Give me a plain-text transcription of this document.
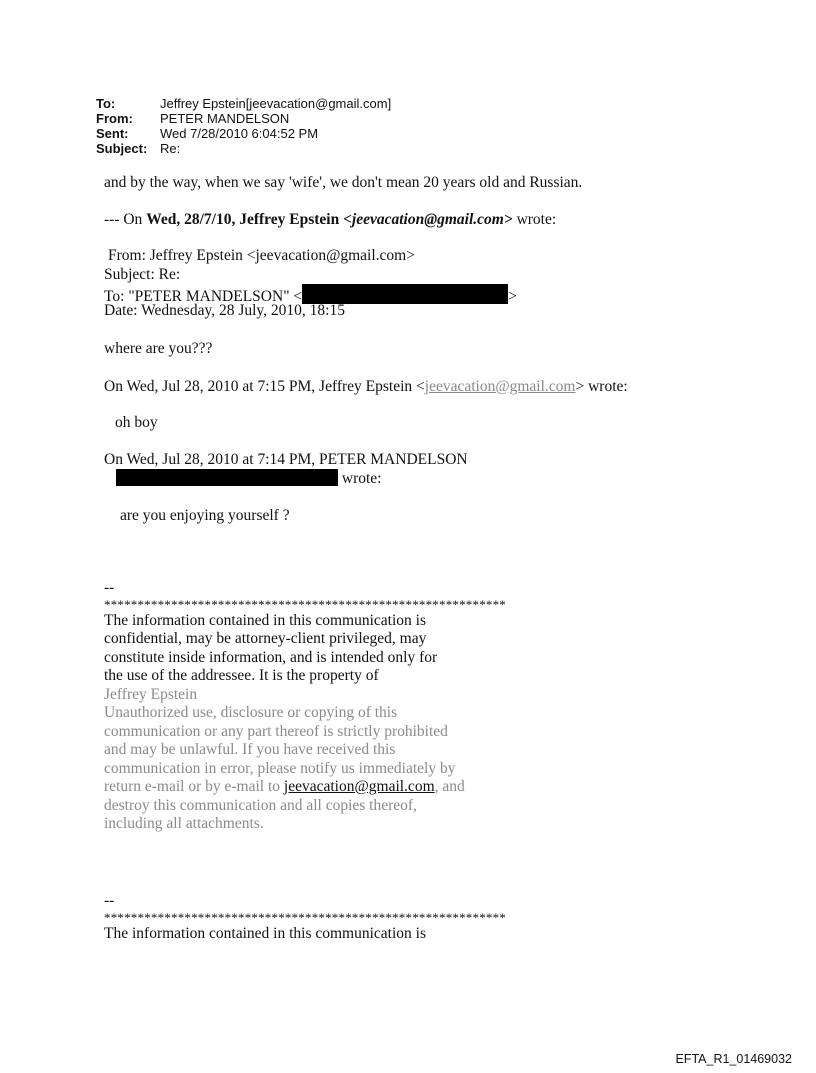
To:	Jeffrey Epstein[jeevacation@gmail.com]
From:	PETER MANDELSON
Sent:	Wed 7/28/2010 6:04:52 PM
Subject: Re:
and by the way, when we say 'wife', we don't mean 20 years old and Russian.
--- On Wed, 28/7/10, Jeffrey Epstein <jeevacation@gmail.com> wrote:
From: Jeffrey Epstein <jeevacation@gmail.com>
Subject: Re:
To: "PETER MANDELSON" <	>
Date: Wednesday, 28 July, 2010, 18:15
where are you???
On Wed, Jul 28, 2010 at 7:15 PM, Jeffrey Epstein <jeevacation@gmail.com> wrote:
oh boy
On Wed, Jul 28, 2010 at 7:14 PM, PETER MANDELSON
wrote:
are you enjoying yourself ?
--
************************************************************
The information contained in this communication is
confidential, may be attorney-client privileged, may
constitute inside information, and is intended only for
the use of the addressee. It is the property of
Jeffrey Epstein
Unauthorized use, disclosure or copying of this
communication or any part thereof is strictly prohibited
and may be unlawful. If you have received this
communication in error, please notify us immediately by
return e-mail or by e-mail to jeevacation@gmail.com, and
destroy this communication and all copies thereof,
including all attachments.
--
************************************************************
The information contained in this communication is
EFTA_R1_01469032
